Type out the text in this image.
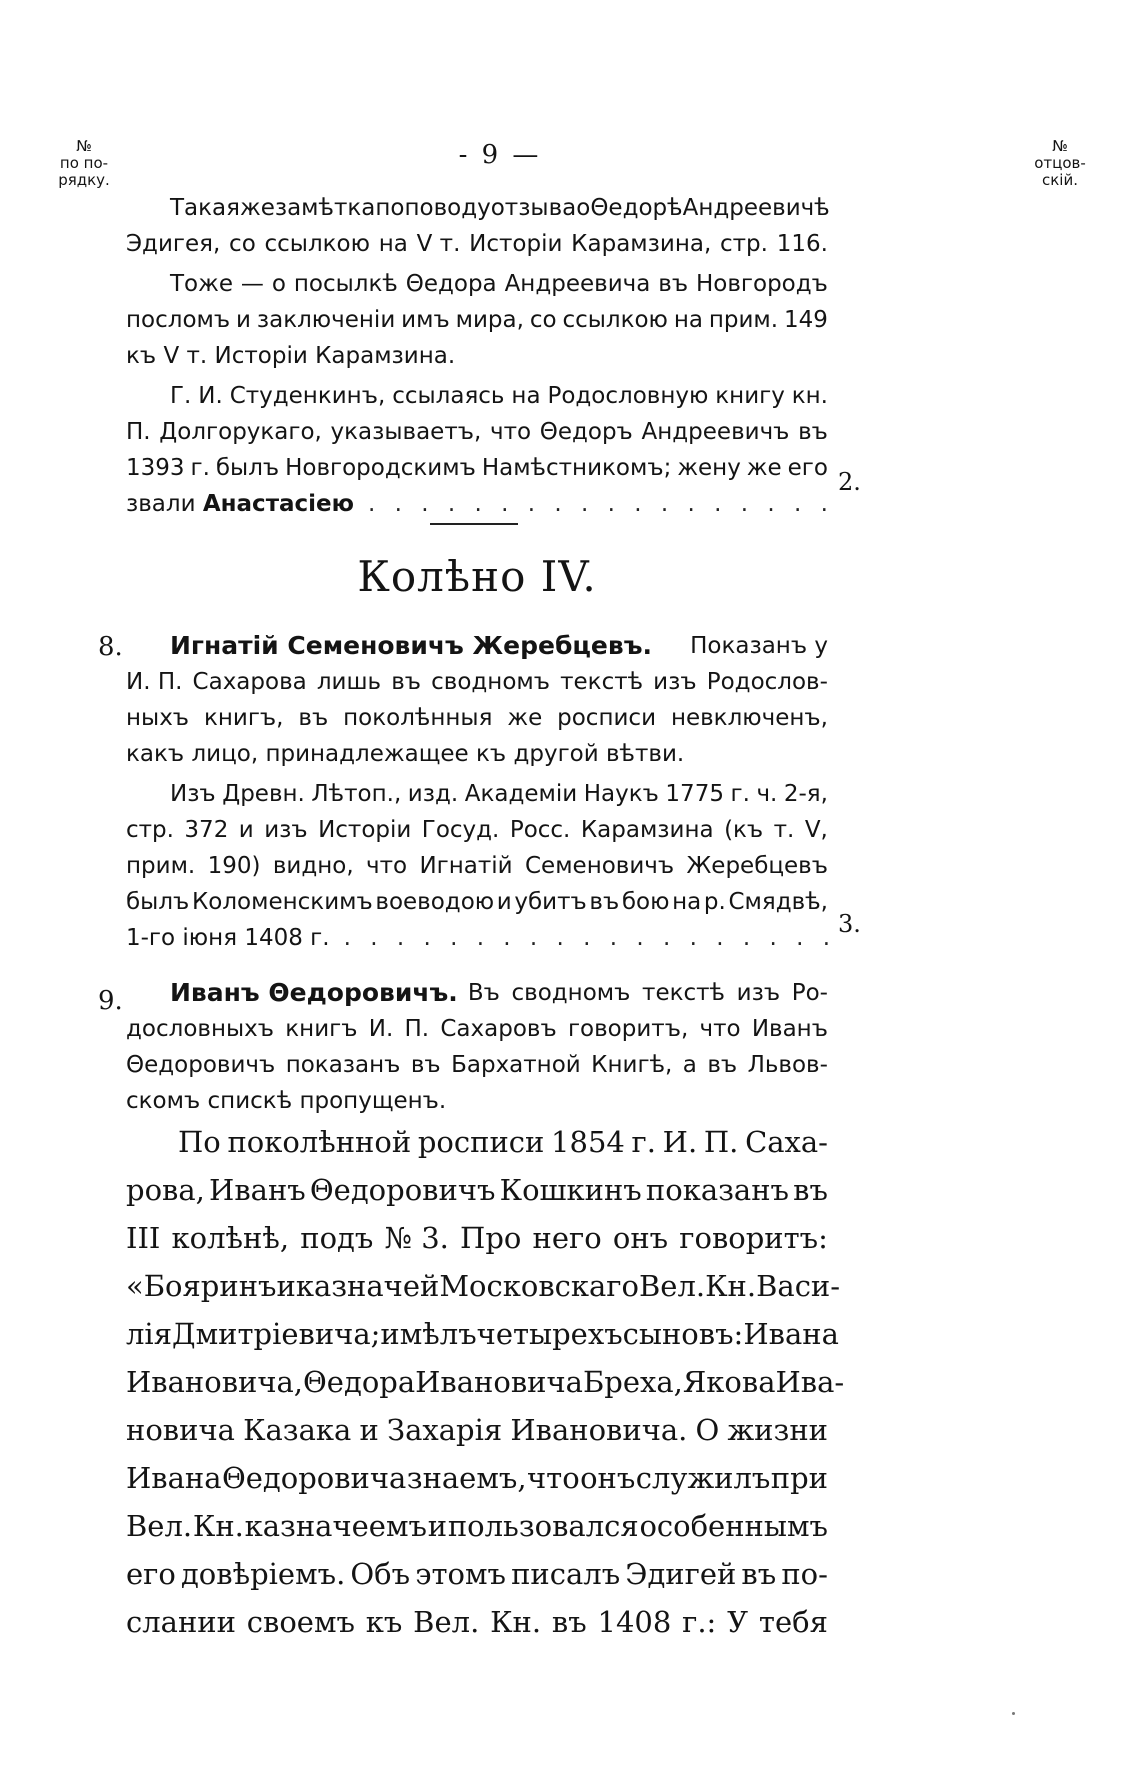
№
по по-
рядку.
- 9 —	№
отцов-
скій.
Такая же замѣтка по поводу отзыва о Θедорѣ Андреевичѣ
Эдигея, со ссылкою на V т. Исторіи Карамзина, стр. 116.
Тоже — о посылкѣ Θедора Андреевича въ Новгородъ
посломъ и заключеніи имъ мира, со ссылкою на прим. 149
къ V т. Исторіи Карамзина.
Г. И. Студенкинъ, ссылаясь на Родословную книгу кн.
П. Долгорукаго, указываетъ, что Θедоръ Андреевичъ въ
1393 г. былъ Новгородскимъ Намѣстникомъ; жену же его
звали
Анастасіею
. . .
2.
Колѣно IV.
8. Игнатій Семеновичъ Жеребцевъ. Показанъ у
И. П. Сахарова лишь въ сводномъ текстѣ изъ Родослов-
ныхъ книгъ, въ поколѣнныя же росписи невключенъ,
какъ лицо, принадлежащее къ другой вѣтви.
Изъ Древн. Лѣтоп., изд. Академіи Наукъ 1775 г. ч. 2-я,
стр. 372 и изъ Исторіи Госуд. Росс. Карамзина (къ т. V,
прим. 190) видно, что Игнатій Семеновичъ Жеребцевъ
былъ Коломенскимъ воеводою и убитъ въ бою на р. Смядвѣ,
1-го іюня 1408 г. . . .	3.
9. Иванъ Θедоровичъ. Въ сводномъ текстѣ изъ Ро-
дословныхъ книгъ И. П. Сахаровъ говоритъ, что Иванъ
Θедоровичъ показанъ въ Бархатной Книгѣ, а въ Львов-
скомъ спискѣ пропущенъ.
По поколѣнной росписи 1854 г. И. П. Саха-
рова, Иванъ Θедоровичъ Кошкинъ показанъ въ
III колѣнѣ, подъ № 3. Про него онъ говоритъ:
«Бояринъ и казначей Московскаго Вел. Кн. Васи-
лія Дмитріевича; имѣлъ четырехъ сыновъ: Ивана
Ивановича, Θедора Ивановича Бреха, Якова Ива-
новича Казака и Захарія Ивановича. О жизни
Ивана Θедоровича знаемъ, что онъ служилъ при
Вел. Кн. казначеемъ и пользовался особеннымъ
его довѣріемъ. Объ этомъ писалъ Эдигей въ по-
слании своемъ къ Вел. Кн. въ 1408 г.: У тебя
